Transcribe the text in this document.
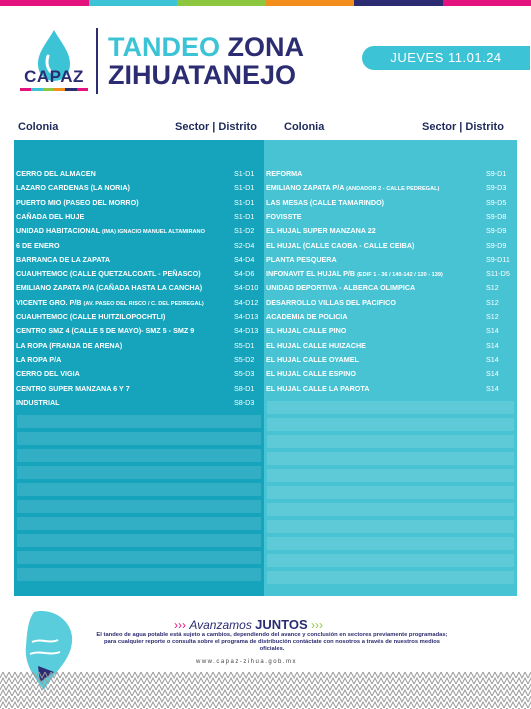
CAPAZ
TANDEO ZONA
ZIHUATANEJO
JUEVES 11.01.24
Colonia	Sector | Distrito Colonia	Sector | Distrito
CERRO DEL ALMACEN	S1-D1
LAZARO CARDENAS (LA NORIA)	S1-D1
PUERTO MIO (PASEO DEL MORRO)	S1-D1
CAÑADA DEL HUJE	S1-D1
UNIDAD HABITACIONAL (IMA) IGNACIO MANUEL ALTAMIRANO	S1-D2
6 DE ENERO	S2-D4
BARRANCA DE LA ZAPATA	S4-D4
CUAUHTEMOC (CALLE QUETZALCOATL - PEÑASCO)	S4-D6
EMILIANO ZAPATA P/A (CAÑADA HASTA LA CANCHA)	S4-D10
VICENTE GRO. P/B (AV. PASEO DEL RISCO / C. DEL PEDREGAL)	S4-D12
CUAUHTEMOC (CALLE HUITZILOPOCHTLI)	S4-D13
CENTRO SMZ 4 (CALLE 5 DE MAYO)- SMZ 5 - SMZ 9	S4-D13
LA ROPA (FRANJA DE ARENA)	S5-D1
LA ROPA P/A	S5-D2
CERRO DEL VIGIA	S5-D3
CENTRO SUPER MANZANA 6 Y 7	S8-D1
INDUSTRIAL	S8-D3
REFORMA	S9-D1
EMILIANO ZAPATA P/A (ANDADOR 2 - CALLE PEDREGAL)	S9-D3
LAS MESAS (CALLE TAMARINDO)	S9-D5
FOVISSTE	S9-D8
EL HUJAL SUPER MANZANA 22	S9-D9
EL HUJAL (CALLE CAOBA - CALLE CEIBA)	S9-D9
PLANTA PESQUERA	S9-D11
INFONAVIT EL HUJAL P/B (EDIF 1 - 36 / 140-142 / 120 - 139)	S11-D5
UNIDAD DEPORTIVA - ALBERCA OLIMPICA	S12
DESARROLLO VILLAS DEL PACIFICO	S12
ACADEMIA DE POLICIA	S12
EL HUJAL CALLE PINO	S14
EL HUJAL CALLE HUIZACHE	S14
EL HUJAL CALLE OYAMEL	S14
EL HUJAL CALLE ESPINO	S14
EL HUJAL CALLE LA PAROTA	S14
››› Avanzamos JUNTOS ›››
El tandeo de agua potable está sujeto a cambios, dependiendo del avance y conclusión en sectores previamente programadas; para cualquier reporte o consulta sobre el programa de distribución contáctate con nosotros a través de nuestros medios oficiales.
www.capaz-zihua.gob.mx
